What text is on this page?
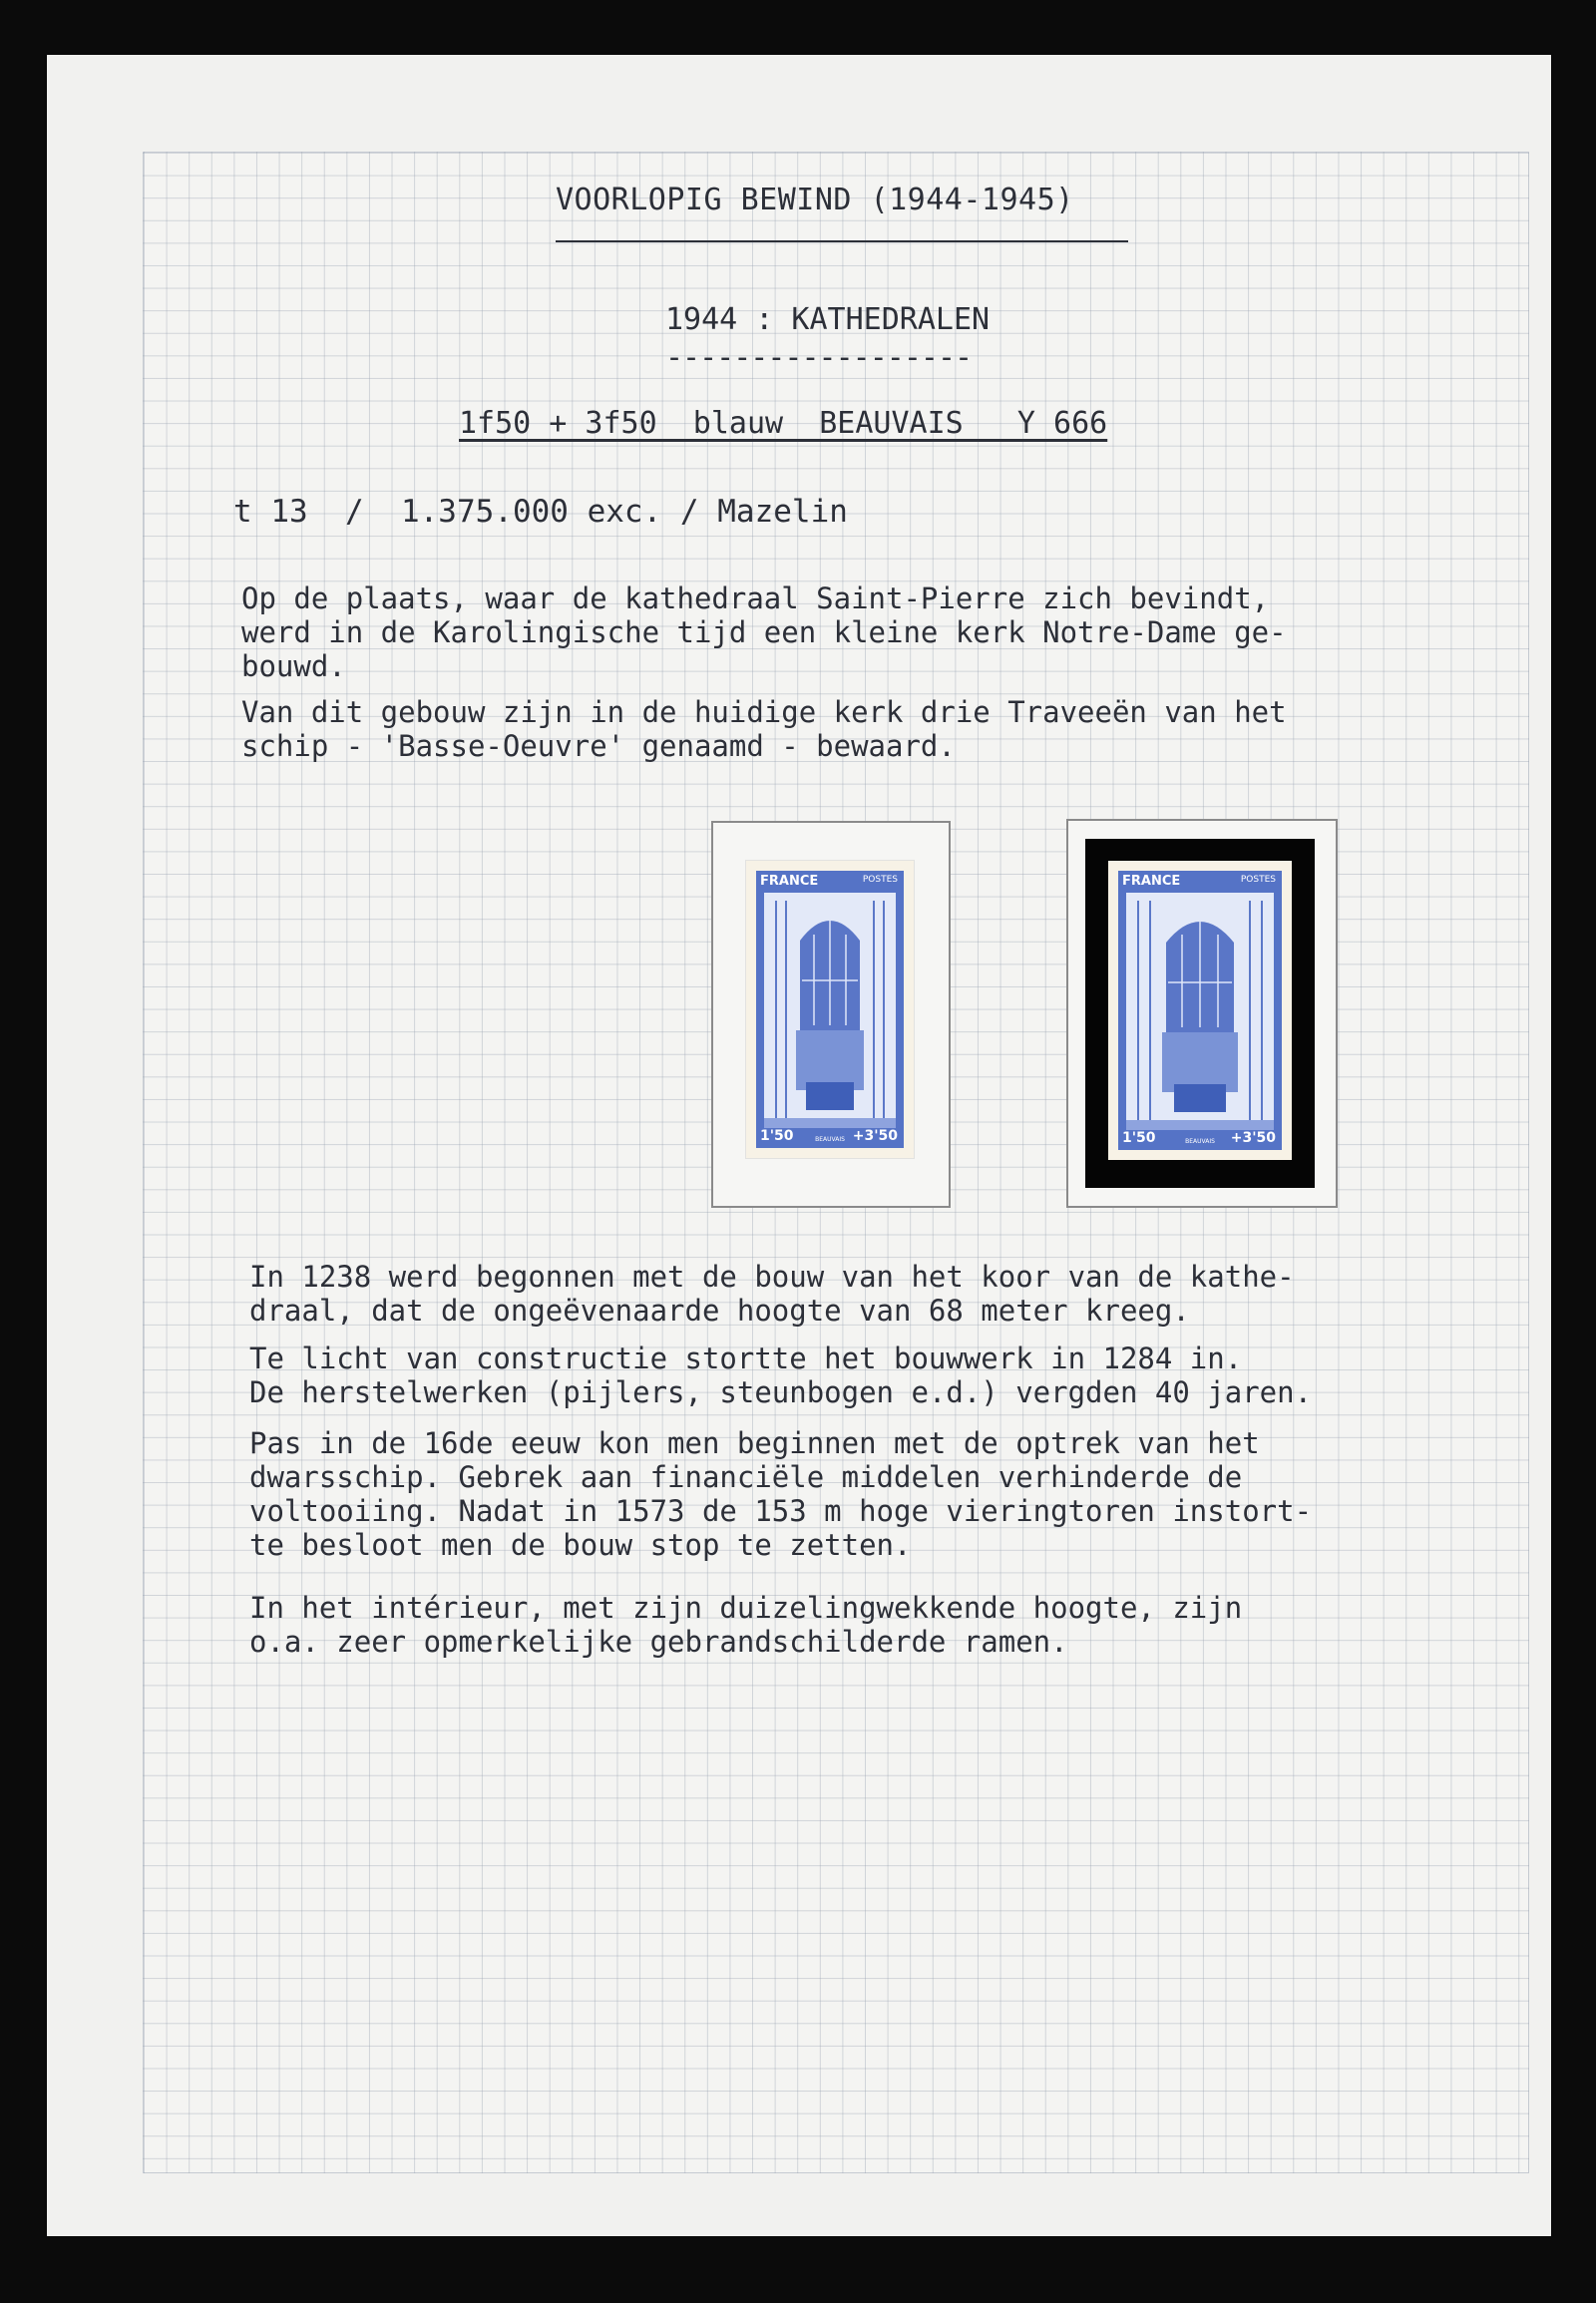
VOORLOPIG BEWIND (1944-1945)
1944 : KATHEDRALEN
------------------
1f50 + 3f50  blauw  BEAUVAIS   Y 666
t 13  /  1.375.000 exc. / Mazelin
Op de plaats, waar de kathedraal Saint-Pierre zich bevindt,
werd in de Karolingische tijd een kleine kerk Notre-Dame ge-
bouwd.
Van dit gebouw zijn in de huidige kerk drie Traveeën van het
schip - 'Basse-Oeuvre' genaamd - bewaard.
FRANCE	POSTES
1'50	BEAUVAIS +3'50
FRANCE	POSTES
1'50	BEAUVAIS +3'50
In 1238 werd begonnen met de bouw van het koor van de kathe-
draal, dat de ongeëvenaarde hoogte van 68 meter kreeg.
Te licht van constructie stortte het bouwwerk in 1284 in.
De herstelwerken (pijlers, steunbogen e.d.) vergden 40 jaren.
Pas in de 16de eeuw kon men beginnen met de optrek van het
dwarsschip. Gebrek aan financiële middelen verhinderde de
voltooiing. Nadat in 1573 de 153 m hoge vieringtoren instort-
te besloot men de bouw stop te zetten.
In het intérieur, met zijn duizelingwekkende hoogte, zijn
o.a. zeer opmerkelijke gebrandschilderde ramen.
